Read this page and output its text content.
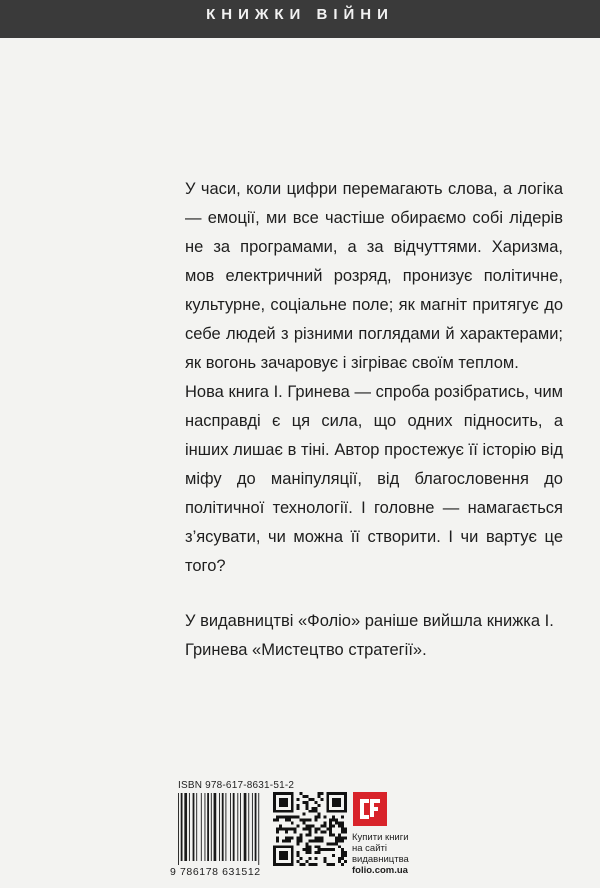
КНИЖКИ ВІЙНИ

У часи, коли цифри перемагають слова, а логіка — емоції, ми все частіше обираємо собі лідерів не за програмами, а за відчуттями. Харизма, мов електричний розряд, пронизує політичне, культурне, соціальне поле; як магніт притягує до себе людей з різними поглядами й характерами; як вогонь зачаровує і зігріває своїм теплом.

Нова книга І. Гринева — спроба розібратись, чим насправді є ця сила, що одних підносить, а інших лишає в тіні. Автор простежує її історію від міфу до маніпуляції, від благословення до політичної технології. І головне — намагається з’ясувати, чи можна її створити. І чи вартує це того?

У видавництві «Фоліо» раніше вийшла книжка І. Гринева «Мистецтво стратегії».

ISBN 978-617-8631-51-2
9 786178 631512
Купити книги
на сайті
видавництва
folio.com.ua
